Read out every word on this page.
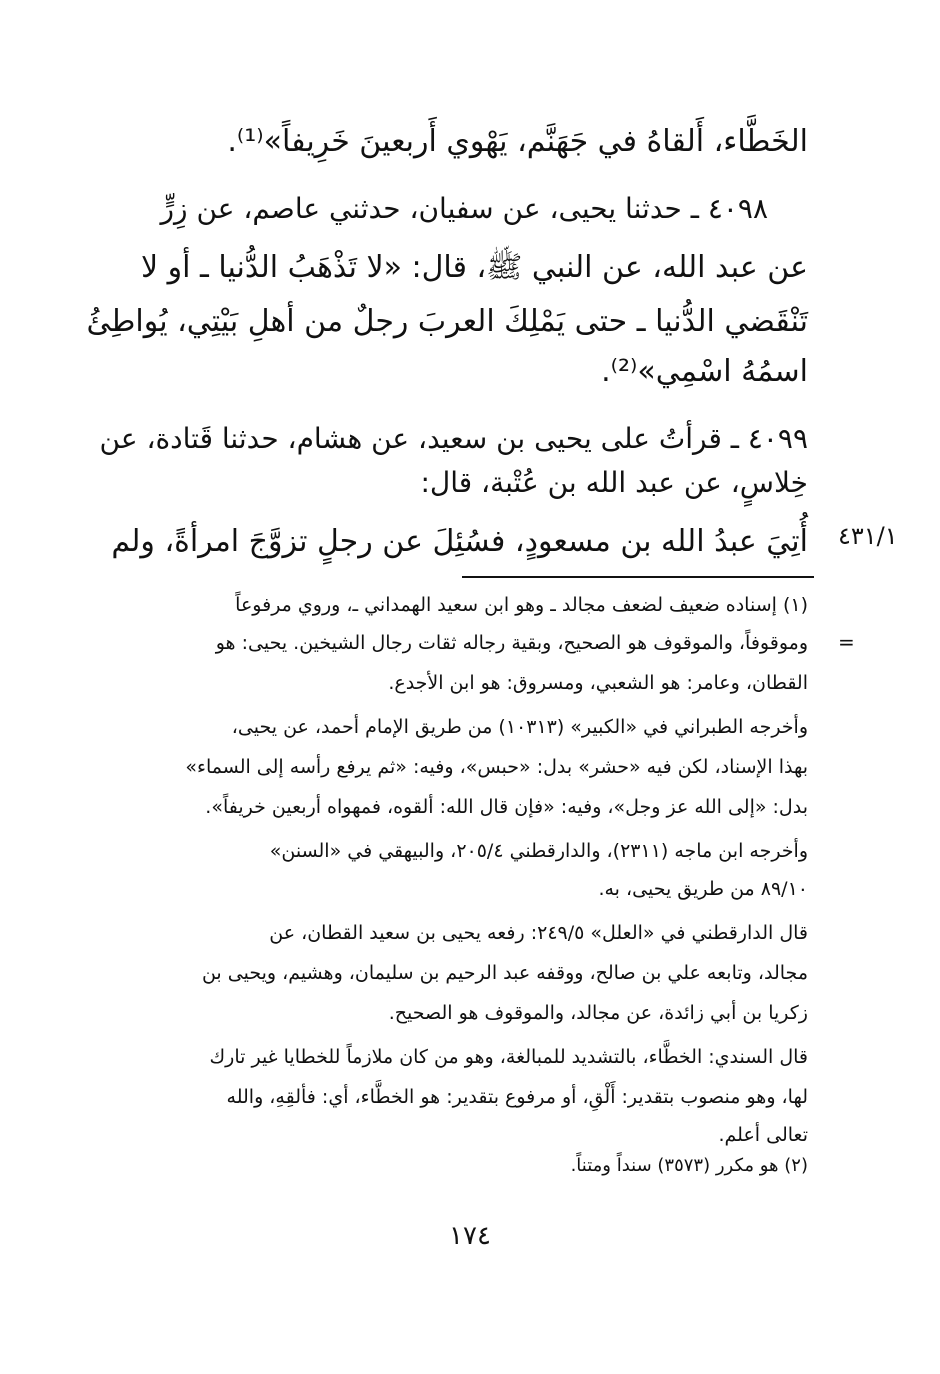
٤٣١/١
الخَطَّاء، أَلقاهُ في جَهَنَّم، يَهْوي أَربعينَ خَرِيفاً»⁽¹⁾.
٤٠٩٨ ـ حدثنا يحيى، عن سفيان، حدثني عاصم، عن زِرٍّ
عن عبد الله، عن النبي ﷺ، قال: «لا تَذْهَبُ الدُّنيا ـ أو لا
تَنْقَضي الدُّنيا ـ حتى يَمْلِكَ العربَ رجلٌ من أهلِ بَيْتِي، يُواطِئُ
اسمُهُ اسْمِي»⁽²⁾.
٤٠٩٩ ـ قرأتُ على يحيى بن سعيد، عن هشام، حدثنا قَتادة، عن
خِلاسٍ، عن عبد الله بن عُتْبة، قال:
أُتِيَ عبدُ الله بن مسعودٍ، فسُئِلَ عن رجلٍ تزوَّجَ امرأةً، ولم
=
(١) إسناده ضعيف لضعف مجالد ـ وهو ابن سعيد الهمداني ـ، وروي مرفوعاً
وموقوفاً، والموقوف هو الصحيح، وبقية رجاله ثقات رجال الشيخين. يحيى: هو
القطان، وعامر: هو الشعبي، ومسروق: هو ابن الأجدع.
وأخرجه الطبراني في «الكبير» (١٠٣١٣) من طريق الإمام أحمد، عن يحيى،
بهذا الإسناد، لكن فيه «حشر» بدل: «حبس»، وفيه: «ثم يرفع رأسه إلى السماء»
بدل: «إلى الله عز وجل»، وفيه: «فإن قال الله: ألقوه، فمهواه أربعين خريفاً».
وأخرجه ابن ماجه (٢٣١١)، والدارقطني ٢٠٥/٤، والبيهقي في «السنن»
٨٩/١٠ من طريق يحيى، به.
قال الدارقطني في «العلل» ٢٤٩/٥: رفعه يحيى بن سعيد القطان، عن
مجالد، وتابعه علي بن صالح، ووقفه عبد الرحيم بن سليمان، وهشيم، ويحيى بن
زكريا بن أبي زائدة، عن مجالد، والموقوف هو الصحيح.
قال السندي: الخطَّاء، بالتشديد للمبالغة، وهو من كان ملازماً للخطايا غير تارك
لها، وهو منصوب بتقدير: أَلْقِ، أو مرفوع بتقدير: هو الخطَّاء، أي: فألقِهِ، والله
تعالى أعلم.
(٢) هو مكرر (٣٥٧٣) سنداً ومتناً.
١٧٤
